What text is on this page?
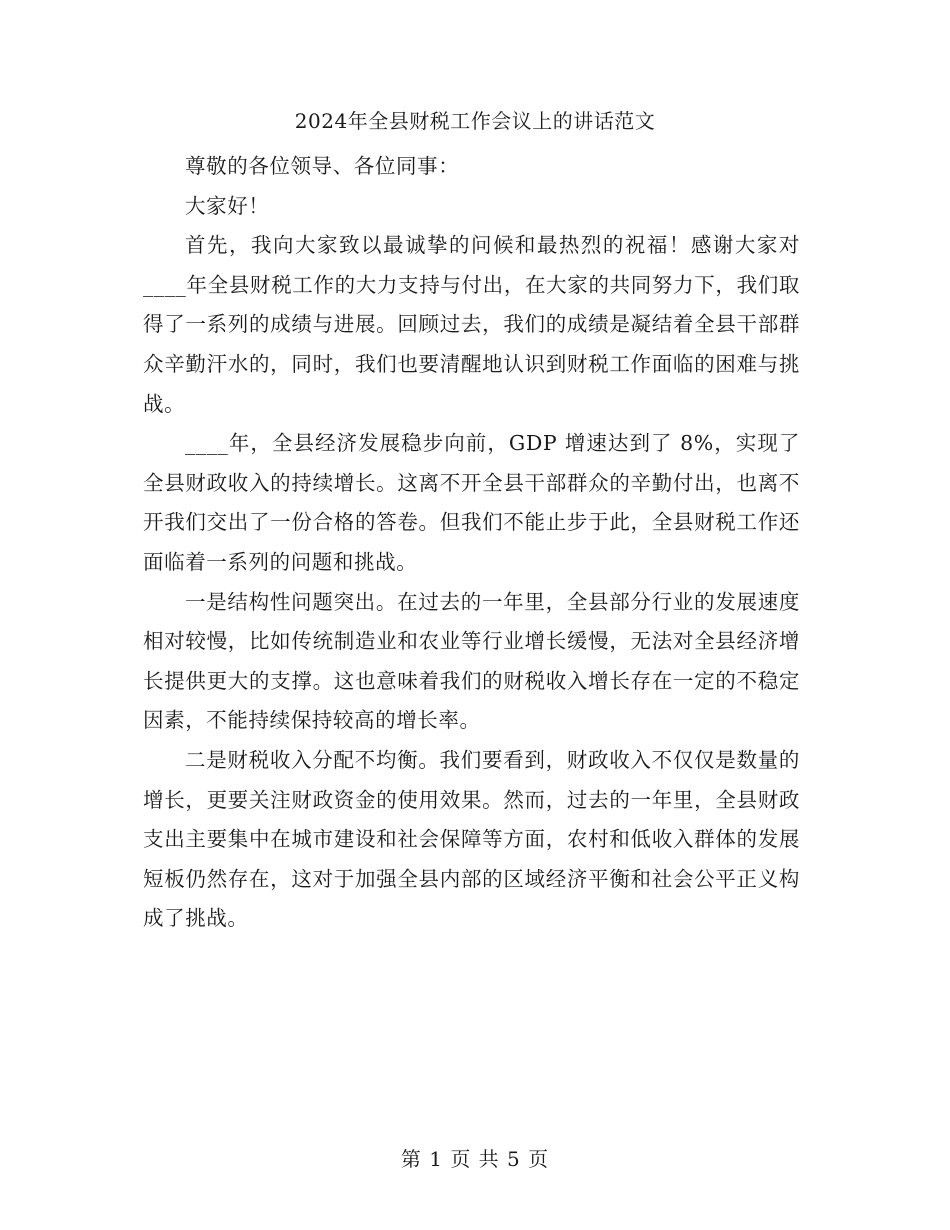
2024年全县财税工作会议上的讲话范文

尊敬的各位领导、各位同事：

大家好！

首先，我向大家致以最诚挚的问候和最热烈的祝福！感谢大家对____年全县财税工作的大力支持与付出，在大家的共同努力下，我们取得了一系列的成绩与进展。回顾过去，我们的成绩是凝结着全县干部群众辛勤汗水的，同时，我们也要清醒地认识到财税工作面临的困难与挑战。

____年，全县经济发展稳步向前，GDP 增速达到了 8%，实现了全县财政收入的持续增长。这离不开全县干部群众的辛勤付出，也离不开我们交出了一份合格的答卷。但我们不能止步于此，全县财税工作还面临着一系列的问题和挑战。

一是结构性问题突出。在过去的一年里，全县部分行业的发展速度相对较慢，比如传统制造业和农业等行业增长缓慢，无法对全县经济增长提供更大的支撑。这也意味着我们的财税收入增长存在一定的不稳定因素，不能持续保持较高的增长率。

二是财税收入分配不均衡。我们要看到，财政收入不仅仅是数量的增长，更要关注财政资金的使用效果。然而，过去的一年里，全县财政支出主要集中在城市建设和社会保障等方面，农村和低收入群体的发展短板仍然存在，这对于加强全县内部的区域经济平衡和社会公平正义构成了挑战。

第 1 页 共 5 页
